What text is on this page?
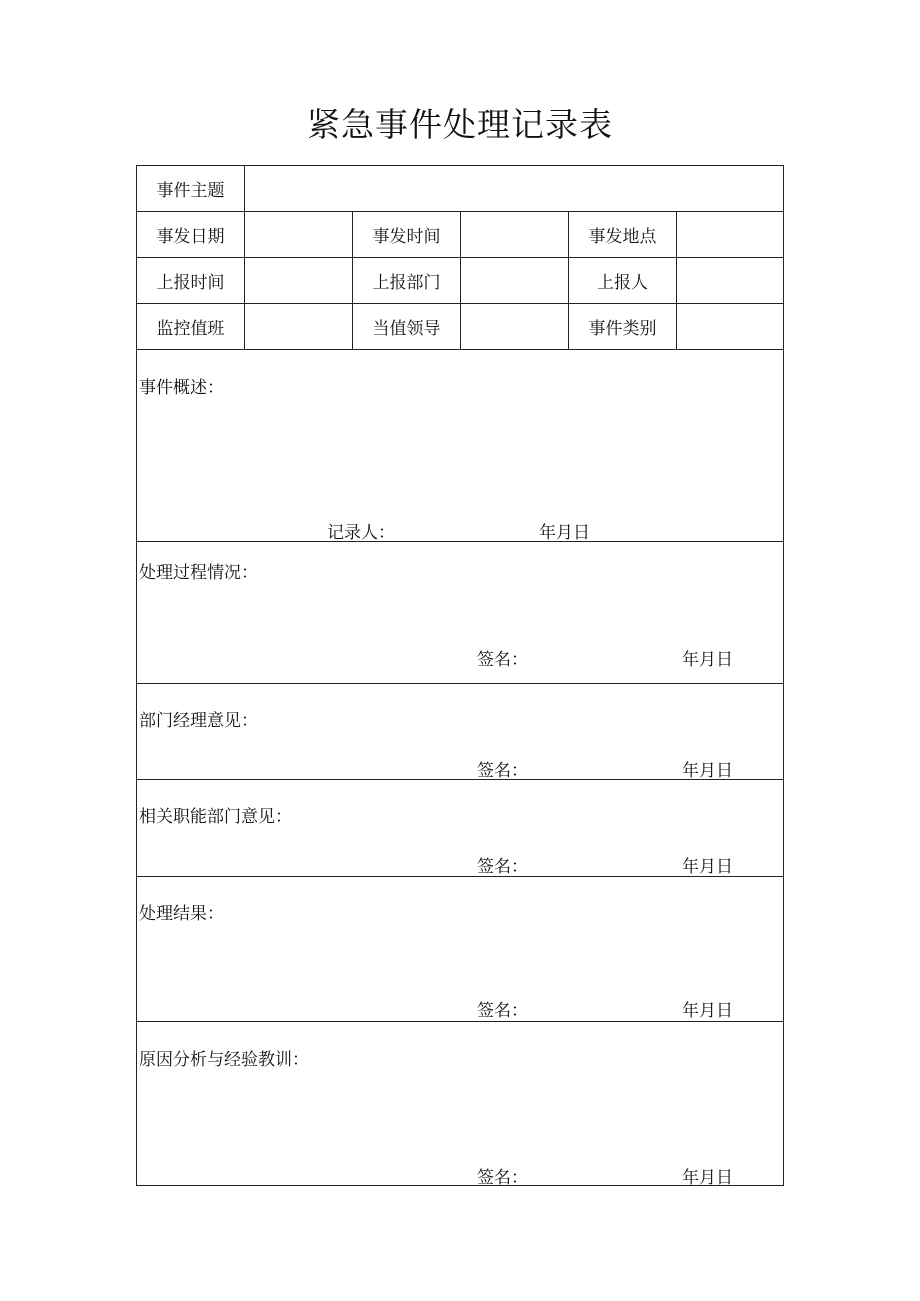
紧急事件处理记录表
事件主题
事发日期	事发时间	事发地点
上报时间	上报部门	上报人
监控值班	当值领导	事件类别
事件概述：
记录人：	年月日
处理过程情况：
签名：	年月日
部门经理意见：
签名：	年月日
相关职能部门意见：
签名：	年月日
处理结果：
签名：	年月日
原因分析与经验教训：
签名：	年月日
